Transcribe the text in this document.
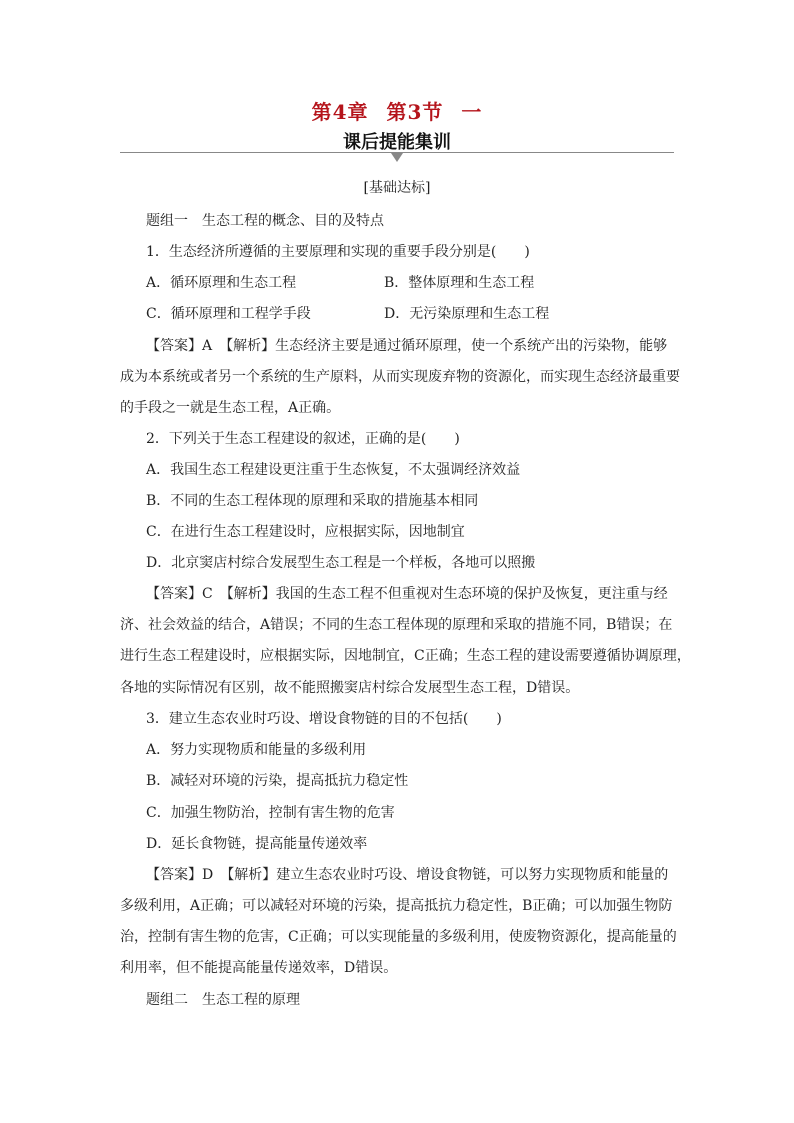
第4章 第3节 一
课后提能集训
[基础达标]
题组一　生态工程的概念、目的及特点
1．生态经济所遵循的主要原理和实现的重要手段分别是(　　)
A．循环原理和生态工程	B．整体原理和生态工程
C．循环原理和工程学手段	D．无污染原理和生态工程
【答案】A　【解析】生态经济主要是通过循环原理，使一个系统产出的污染物，能够
成为本系统或者另一个系统的生产原料，从而实现废弃物的资源化，而实现生态经济最重要
的手段之一就是生态工程，A正确。
2．下列关于生态工程建设的叙述，正确的是(　　)
A．我国生态工程建设更注重于生态恢复，不太强调经济效益
B．不同的生态工程体现的原理和采取的措施基本相同
C．在进行生态工程建设时，应根据实际，因地制宜
D．北京窦店村综合发展型生态工程是一个样板，各地可以照搬
【答案】C　【解析】我国的生态工程不但重视对生态环境的保护及恢复，更注重与经
济、社会效益的结合，A错误；不同的生态工程体现的原理和采取的措施不同，B错误；在
进行生态工程建设时，应根据实际，因地制宜，C正确；生态工程的建设需要遵循协调原理，
各地的实际情况有区别，故不能照搬窦店村综合发展型生态工程，D错误。
3．建立生态农业时巧设、增设食物链的目的不包括(　　)
A．努力实现物质和能量的多级利用
B．减轻对环境的污染，提高抵抗力稳定性
C．加强生物防治，控制有害生物的危害
D．延长食物链，提高能量传递效率
【答案】D　【解析】建立生态农业时巧设、增设食物链，可以努力实现物质和能量的
多级利用，A正确；可以减轻对环境的污染，提高抵抗力稳定性，B正确；可以加强生物防
治，控制有害生物的危害，C正确；可以实现能量的多级利用，使废物资源化，提高能量的
利用率，但不能提高能量传递效率，D错误。
题组二　生态工程的原理
